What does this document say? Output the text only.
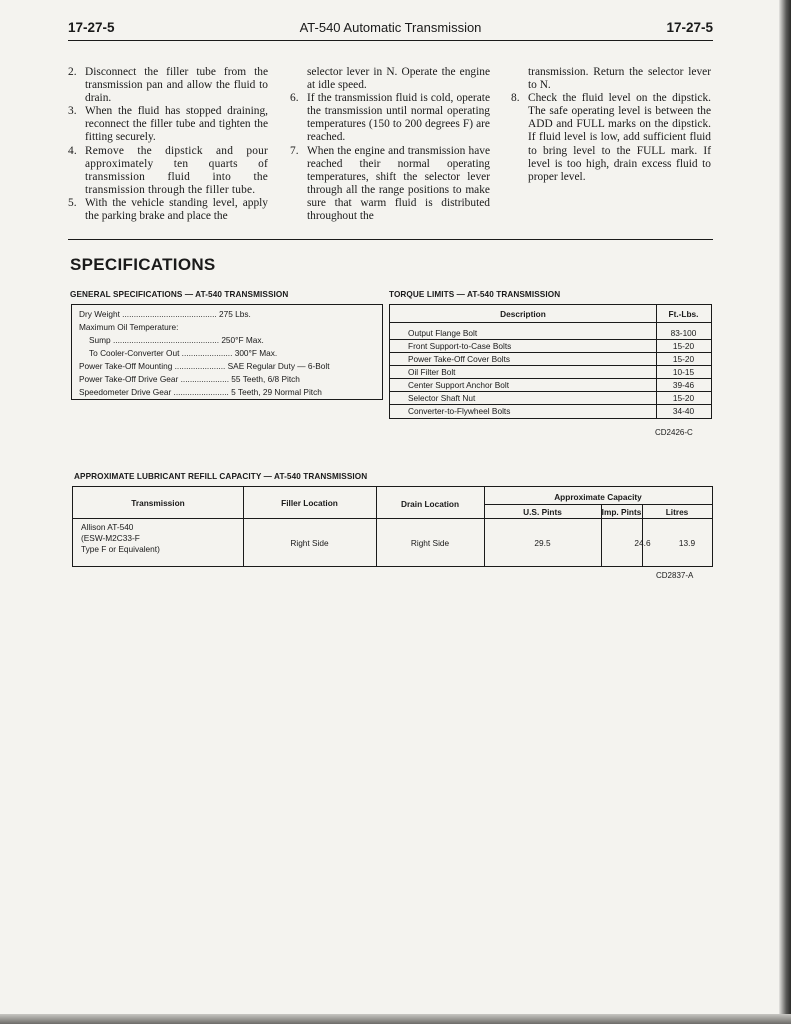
17-27-5	AT-540 Automatic Transmission	17-27-5
2. Disconnect the filler tube from the transmission pan and allow the fluid to drain.
3. When the fluid has stopped draining, reconnect the filler tube and tighten the fitting securely.
4. Remove the dipstick and pour approximately ten quarts of transmission fluid into the transmission through the filler tube.
5. With the vehicle standing level, apply the parking brake and place the
selector lever in N. Operate the engine at idle speed.
6. If the transmission fluid is cold, operate the transmission until normal operating temperatures (150 to 200 degrees F) are reached.
7. When the engine and transmission have reached their normal operating temperatures, shift the selector lever through all the range positions to make sure that warm fluid is distributed throughout the
transmission. Return the selector lever to N.
8. Check the fluid level on the dipstick. The safe operating level is between the ADD and FULL marks on the dipstick. If fluid level is low, add sufficient fluid to bring level to the FULL mark. If level is too high, drain excess fluid to proper level.
SPECIFICATIONS
GENERAL SPECIFICATIONS — AT-540 TRANSMISSION	TORQUE LIMITS — AT-540 TRANSMISSION
Dry Weight ......................................... 275 Lbs.
Maximum Oil Temperature:
Sump .............................................. 250°F Max.
To Cooler-Converter Out ...................... 300°F Max.
Power Take-Off Mounting ...................... SAE Regular Duty — 6-Bolt
Power Take-Off Drive Gear ..................... 55 Teeth, 6/8 Pitch
Speedometer Drive Gear ........................ 5 Teeth, 29 Normal Pitch
Description	Ft.-Lbs.
Output Flange Bolt	83-100
Front Support-to-Case Bolts	15-20
Power Take-Off Cover Bolts	15-20
Oil Filter Bolt	10-15
Center Support Anchor Bolt	39-46
Selector Shaft Nut	15-20
Converter-to-Flywheel Bolts	34-40
CD2426-C
APPROXIMATE LUBRICANT REFILL CAPACITY — AT-540 TRANSMISSION
Transmission	Filler Location	Drain Location
Approximate Capacity
U.S. Pints	Imp. Pints	Litres
Allison AT-540
(ESW-M2C33-F
Type F or Equivalent)
Right Side	Right Side	29.5	24.6	13.9
CD2837-A
